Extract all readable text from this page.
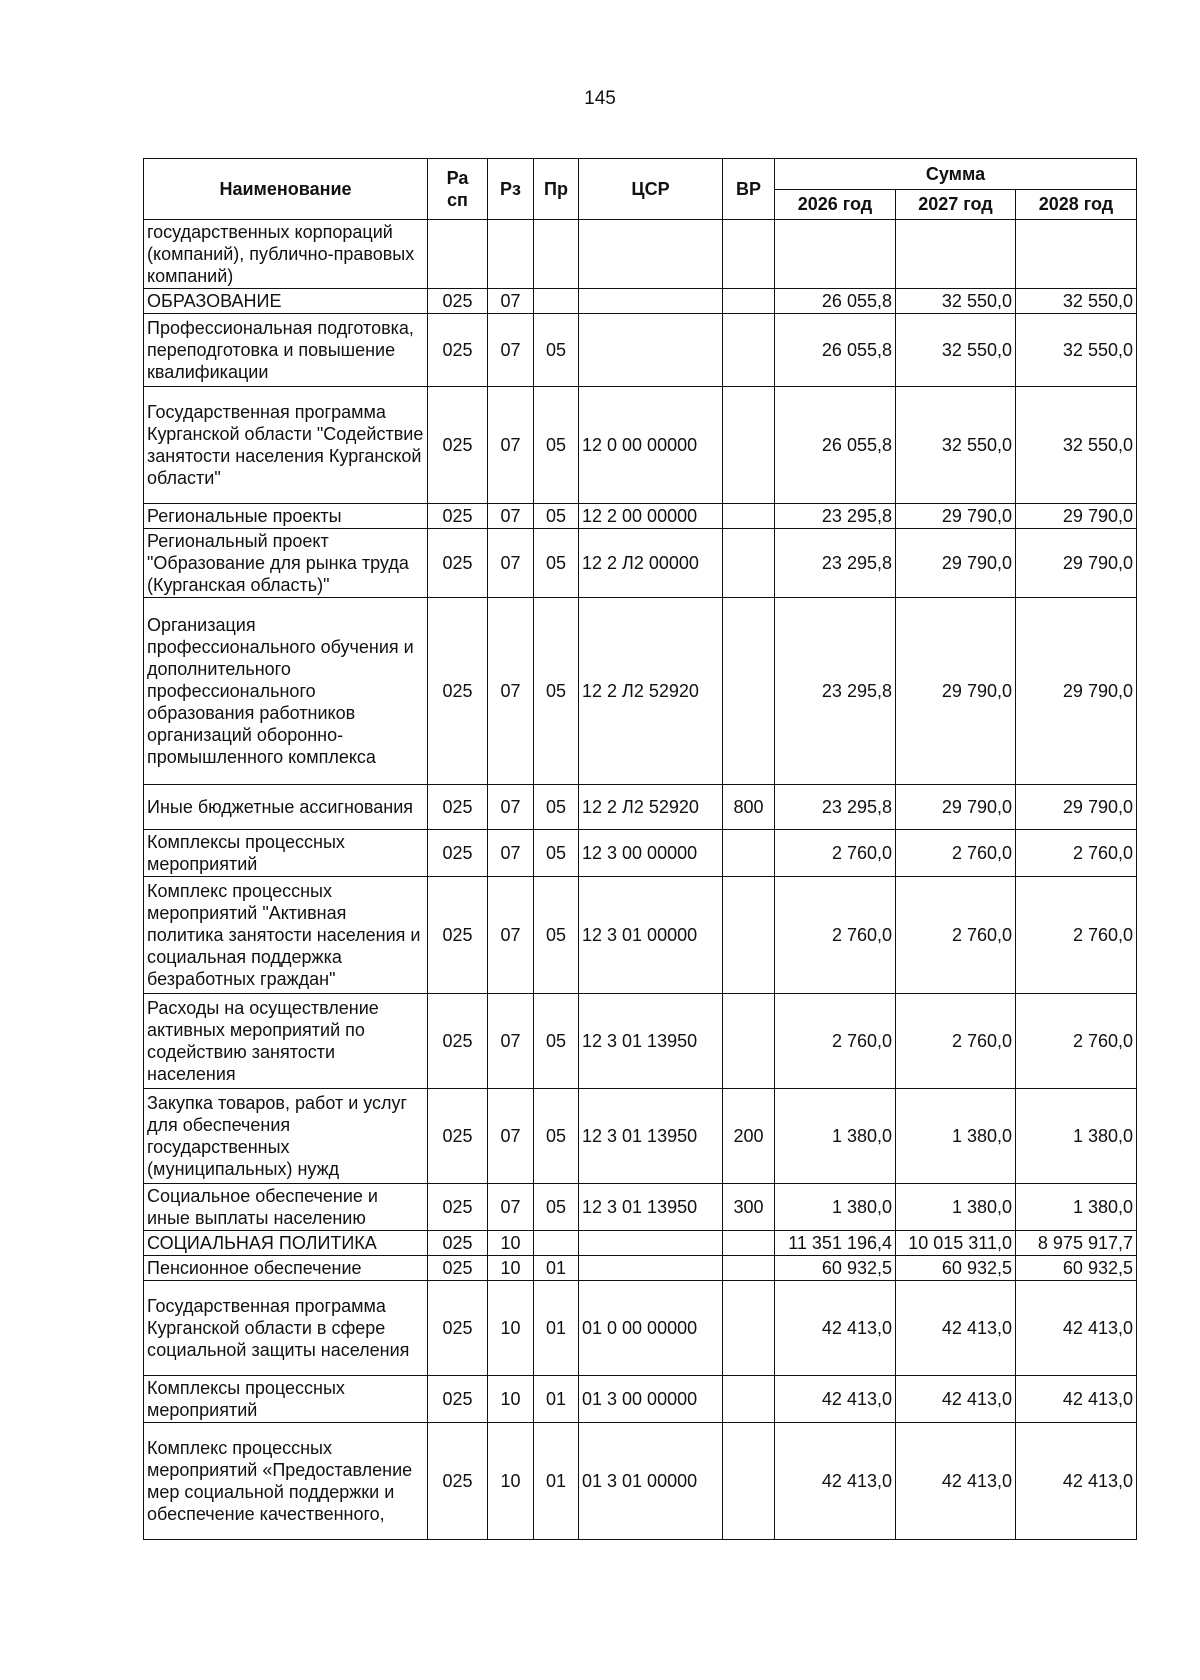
145
Наименование	Ра сп	Рз	Пр	ЦСР	ВР	Сумма		
						2026 год	2027 год	2028 год
государственных корпораций (компаний), публично-правовых компаний)								
ОБРАЗОВАНИЕ	025	07				26 055,8	32 550,0	32 550,0
Профессиональная подготовка, переподготовка и повышение квалификации	025	07	05			26 055,8	32 550,0	32 550,0
Государственная программа Курганской области "Содействие занятости населения Курганской области"	025	07	05	12 0 00 00000		26 055,8	32 550,0	32 550,0
Региональные проекты	025	07	05	12 2 00 00000		23 295,8	29 790,0	29 790,0
Региональный проект "Образование для рынка труда (Курганская область)"	025	07	05	12 2 Л2 00000		23 295,8	29 790,0	29 790,0
Организация профессионального обучения и дополнительного профессионального образования работников организаций оборонно-промышленного комплекса	025	07	05	12 2 Л2 52920		23 295,8	29 790,0	29 790,0
Иные бюджетные ассигнования	025	07	05	12 2 Л2 52920	800	23 295,8	29 790,0	29 790,0
Комплексы процессных мероприятий	025	07	05	12 3 00 00000		2 760,0	2 760,0	2 760,0
Комплекс процессных мероприятий "Активная политика занятости населения и социальная поддержка безработных граждан"	025	07	05	12 3 01 00000		2 760,0	2 760,0	2 760,0
Расходы на осуществление активных мероприятий по содействию занятости населения	025	07	05	12 3 01 13950		2 760,0	2 760,0	2 760,0
Закупка товаров, работ и услуг для обеспечения государственных (муниципальных) нужд	025	07	05	12 3 01 13950	200	1 380,0	1 380,0	1 380,0
Социальное обеспечение и иные выплаты населению	025	07	05	12 3 01 13950	300	1 380,0	1 380,0	1 380,0
СОЦИАЛЬНАЯ ПОЛИТИКА	025	10				11 351 196,4	10 015 311,0	8 975 917,7
Пенсионное обеспечение	025	10	01			60 932,5	60 932,5	60 932,5
Государственная программа Курганской области в сфере социальной защиты населения	025	10	01	01 0 00 00000		42 413,0	42 413,0	42 413,0
Комплексы процессных мероприятий	025	10	01	01 3 00 00000		42 413,0	42 413,0	42 413,0
Комплекс процессных мероприятий «Предоставление мер социальной поддержки и обеспечение качественного,	025	10	01	01 3 01 00000		42 413,0	42 413,0	42 413,0
